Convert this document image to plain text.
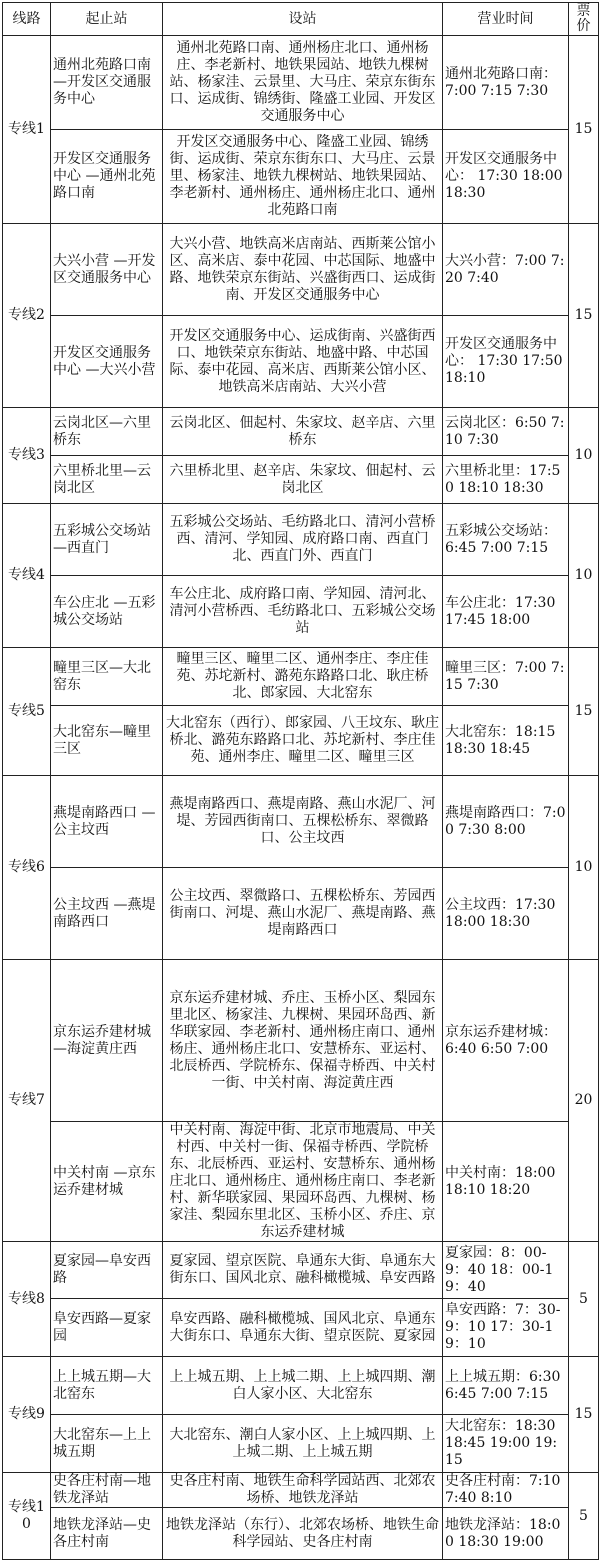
线路	起止站	设站	营业时间	票价

专线1	通州北苑路口南 —开发区交通服务中心	通州北苑路口南、通州杨庄北口、通州杨庄、李老新村、地铁果园站、地铁九棵树站、杨家洼、云景里、大马庄、荣京东街东口、运成街、锦绣街、隆盛工业园、开发区交通服务中心	通州北苑路口南：7:00 7:15 7:30	15
	开发区交通服务中心 —通州北苑路口南	开发区交通服务中心、隆盛工业园、锦绣街、运成街、荣京东街东口、大马庄、云景里、杨家洼、地铁九棵树站、地铁果园站、李老新村、通州杨庄、通州杨庄北口、通州北苑路口南	开发区交通服务中心： 17:30 18:00 18:30	
专线2	大兴小营 —开发区交通服务中心	大兴小营、地铁高米店南站、西斯莱公馆小区、高米店、泰中花园、中芯国际、地盛中路、地铁荣京东街站、兴盛街西口、运成街南、开发区交通服务中心	大兴小营：7:00 7:20 7:40	15
	开发区交通服务中心 —大兴小营	开发区交通服务中心、运成街南、兴盛街西口、地铁荣京东街站、地盛中路、中芯国际、泰中花园、高米店、西斯莱公馆小区、地铁高米店南站、大兴小营	开发区交通服务中心： 17:30 17:50 18:10	
专线3	云岗北区—六里桥东	云岗北区、佃起村、朱家坟、赵辛店、六里桥东	云岗北区：6:50 7:10 7:30	10
	六里桥北里—云岗北区	六里桥北里、赵辛店、朱家坟、佃起村、云岗北区	六里桥北里：17:50 18:10 18:30	
专线4	五彩城公交场站 —西直门	五彩城公交场站、毛纺路北口、清河小营桥西、清河、学知园、成府路口南、西直门北、西直门外、西直门	五彩城公交场站：6:45 7:00 7:15	10
	车公庄北 —五彩城公交场站	车公庄北、成府路口南、学知园、清河北、清河小营桥西、毛纺路北口、五彩城公交场站	车公庄北：17:30 17:45 18:00	
专线5	疃里三区—大北窑东	疃里三区、疃里二区、通州李庄、李庄佳苑、苏坨新村、潞苑东路路口北、耿庄桥北、郎家园、大北窑东	疃里三区：7:00 7:15 7:30	15
	大北窑东—疃里三区	大北窑东（西行）、郎家园、八王坟东、耿庄桥北、潞苑东路路口北、苏坨新村、李庄佳苑、通州李庄、疃里二区、疃里三区	大北窑东：18:15 18:30 18:45	
专线6	燕堤南路西口 —公主坟西	燕堤南路西口、燕堤南路、燕山水泥厂、河堤、芳园西街南口、五棵松桥东、翠微路口、公主坟西	燕堤南路西口：7:00 7:30 8:00	10
	公主坟西 —燕堤南路西口	公主坟西、翠微路口、五棵松桥东、芳园西街南口、河堤、燕山水泥厂、燕堤南路、燕堤南路西口	公主坟西：17:30 18:00 18:30	
专线7	京东运乔建材城 —海淀黄庄西	京东运乔建材城、乔庄、玉桥小区、梨园东里北区、杨家洼、九棵树、果园环岛西、新华联家园、李老新村、通州杨庄南口、通州杨庄、通州杨庄北口、安慧桥东、亚运村、北辰桥西、学院桥东、保福寺桥西、中关村一街、中关村南、海淀黄庄西	京东运乔建材城：6:40 6:50 7:00	20
	中关村南 —京东运乔建材城	中关村南、海淀中街、北京市地震局、中关村西、中关村一街、保福寺桥西、学院桥东、北辰桥西、亚运村、安慧桥东、通州杨庄北口、通州杨庄、通州杨庄南口、李老新村、新华联家园、果园环岛西、九棵树、杨家洼、梨园东里北区、玉桥小区、乔庄、京东运乔建材城	中关村南：18:00 18:10 18:20	
专线8	夏家园—阜安西路	夏家园、望京医院、阜通东大街、阜通东大街东口、国风北京、融科橄榄城、阜安西路	夏家园：8：00-9：40 18：00-19：40	5
	阜安西路—夏家园	阜安西路、融科橄榄城、国风北京、阜通东大街东口、阜通东大街、望京医院、夏家园	阜安西路：7：30-9：10 17：30-19：10	
专线9	上上城五期—大北窑东	上上城五期、上上城二期、上上城四期、潮白人家小区、大北窑东	上上城五期：6:30 6:45 7:00 7:15	15
	大北窑东—上上城五期	大北窑东、潮白人家小区、上上城四期、上上城二期、上上城五期	大北窑东：18:30 18:45 19:00 19:15	
专线10	史各庄村南—地铁龙泽站	史各庄村南、地铁生命科学园站西、北郊农场桥、地铁龙泽站	史各庄村南：7:10 7:40 8:10	5
	地铁龙泽站—史各庄村南	地铁龙泽站（东行）、北郊农场桥、地铁生命科学园站、史各庄村南	地铁龙泽站：18:00 18:30 19:00	
